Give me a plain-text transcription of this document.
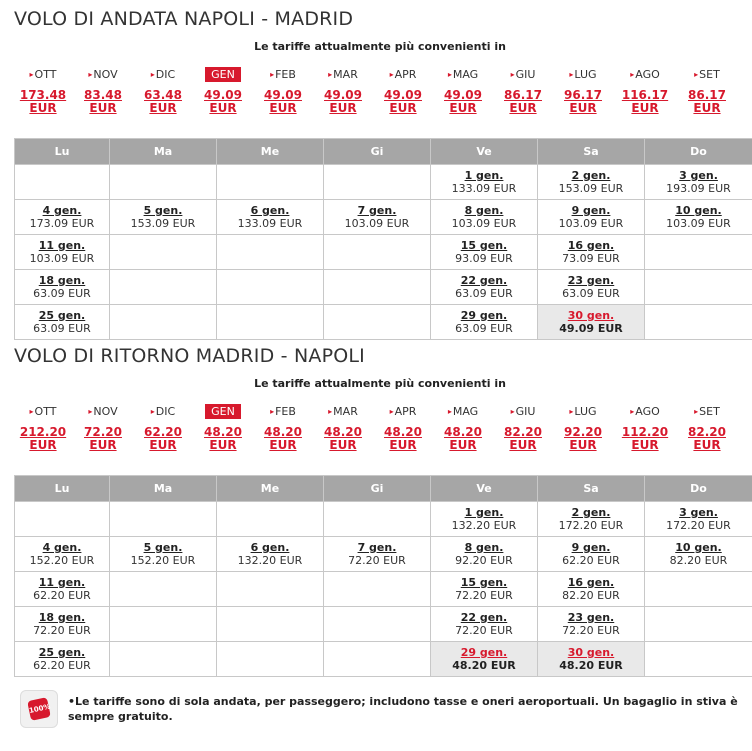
VOLO DI ANDATA NAPOLI - MADRID
Le tariffe attualmente più convenienti in
▸OTT
173.48
EUR
▸NOV
83.48
EUR
▸DIC
63.48
EUR
GEN
49.09
EUR
▸FEB
49.09
EUR
▸MAR
49.09
EUR
▸APR
49.09
EUR
▸MAG
49.09
EUR
▸GIU
86.17
EUR
▸LUG
96.17
EUR
▸AGO
116.17
EUR
▸SET
86.17
EUR
Lu	Ma	Me	Gi	Ve	Sa	Do

				1 gen.
133.09 EUR	2 gen.
153.09 EUR	3 gen.
193.09 EUR

4 gen.
173.09 EUR	5 gen.
153.09 EUR	6 gen.
133.09 EUR	7 gen.
103.09 EUR	8 gen.
103.09 EUR	9 gen.
103.09 EUR	10 gen.
103.09 EUR

11 gen.
103.09 EUR				15 gen.
93.09 EUR	16 gen.
73.09 EUR	

18 gen.
63.09 EUR				22 gen.
63.09 EUR	23 gen.
63.09 EUR	

25 gen.
63.09 EUR				29 gen.
63.09 EUR	30 gen.
49.09 EUR	

VOLO DI RITORNO MADRID - NAPOLI
Le tariffe attualmente più convenienti in
▸OTT
212.20
EUR
▸NOV
72.20
EUR
▸DIC
62.20
EUR
GEN
48.20
EUR
▸FEB
48.20
EUR
▸MAR
48.20
EUR
▸APR
48.20
EUR
▸MAG
48.20
EUR
▸GIU
82.20
EUR
▸LUG
92.20
EUR
▸AGO
112.20
EUR
▸SET
82.20
EUR
Lu	Ma	Me	Gi	Ve	Sa	Do

				1 gen.
132.20 EUR	2 gen.
172.20 EUR	3 gen.
172.20 EUR

4 gen.
152.20 EUR	5 gen.
152.20 EUR	6 gen.
132.20 EUR	7 gen.
72.20 EUR	8 gen.
92.20 EUR	9 gen.
62.20 EUR	10 gen.
82.20 EUR

11 gen.
62.20 EUR				15 gen.
72.20 EUR	16 gen.
82.20 EUR	

18 gen.
72.20 EUR				22 gen.
72.20 EUR	23 gen.
72.20 EUR	

25 gen.
62.20 EUR				29 gen.
48.20 EUR	30 gen.
48.20 EUR	

100%
•Le tariffe sono di sola andata, per passeggero; includono tasse e oneri aeroportuali. Un bagaglio in stiva è sempre gratuito.
